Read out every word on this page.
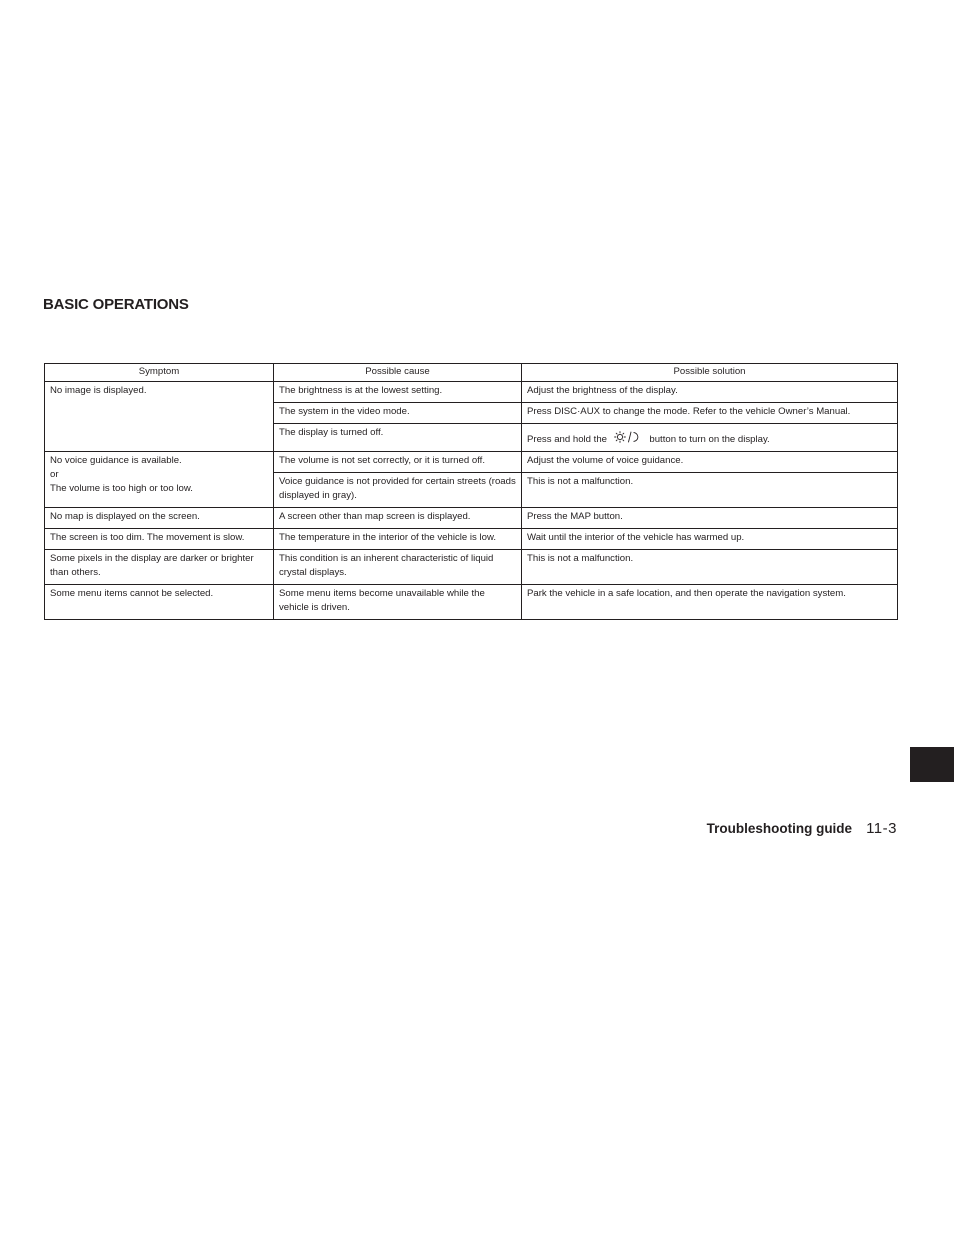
BASIC OPERATIONS
Symptom	Possible cause	Possible solution

No image is displayed.	The brightness is at the lowest setting.	Adjust the brightness of the display.
	The system in the video mode.	Press DISC·AUX to change the mode. Refer to the vehicle Owner’s Manual.
	The display is turned off.	Press and hold the button to turn on the display.

No voice guidance is available.
or
The volume is too high or too low.	The volume is not set correctly, or it is turned off.	Adjust the volume of voice guidance.
	Voice guidance is not provided for certain streets (roads displayed in gray).	This is not a malfunction.
No map is displayed on the screen.	A screen other than map screen is displayed.	Press the MAP button.
The screen is too dim. The movement is slow.	The temperature in the interior of the vehicle is low.	Wait until the interior of the vehicle has warmed up.
Some pixels in the display are darker or brighter than others.	This condition is an inherent characteristic of liquid crystal displays.	This is not a malfunction.
Some menu items cannot be selected.	Some menu items become unavailable while the vehicle is driven.	Park the vehicle in a safe location, and then operate the navigation system.
Troubleshooting guide 11-3
